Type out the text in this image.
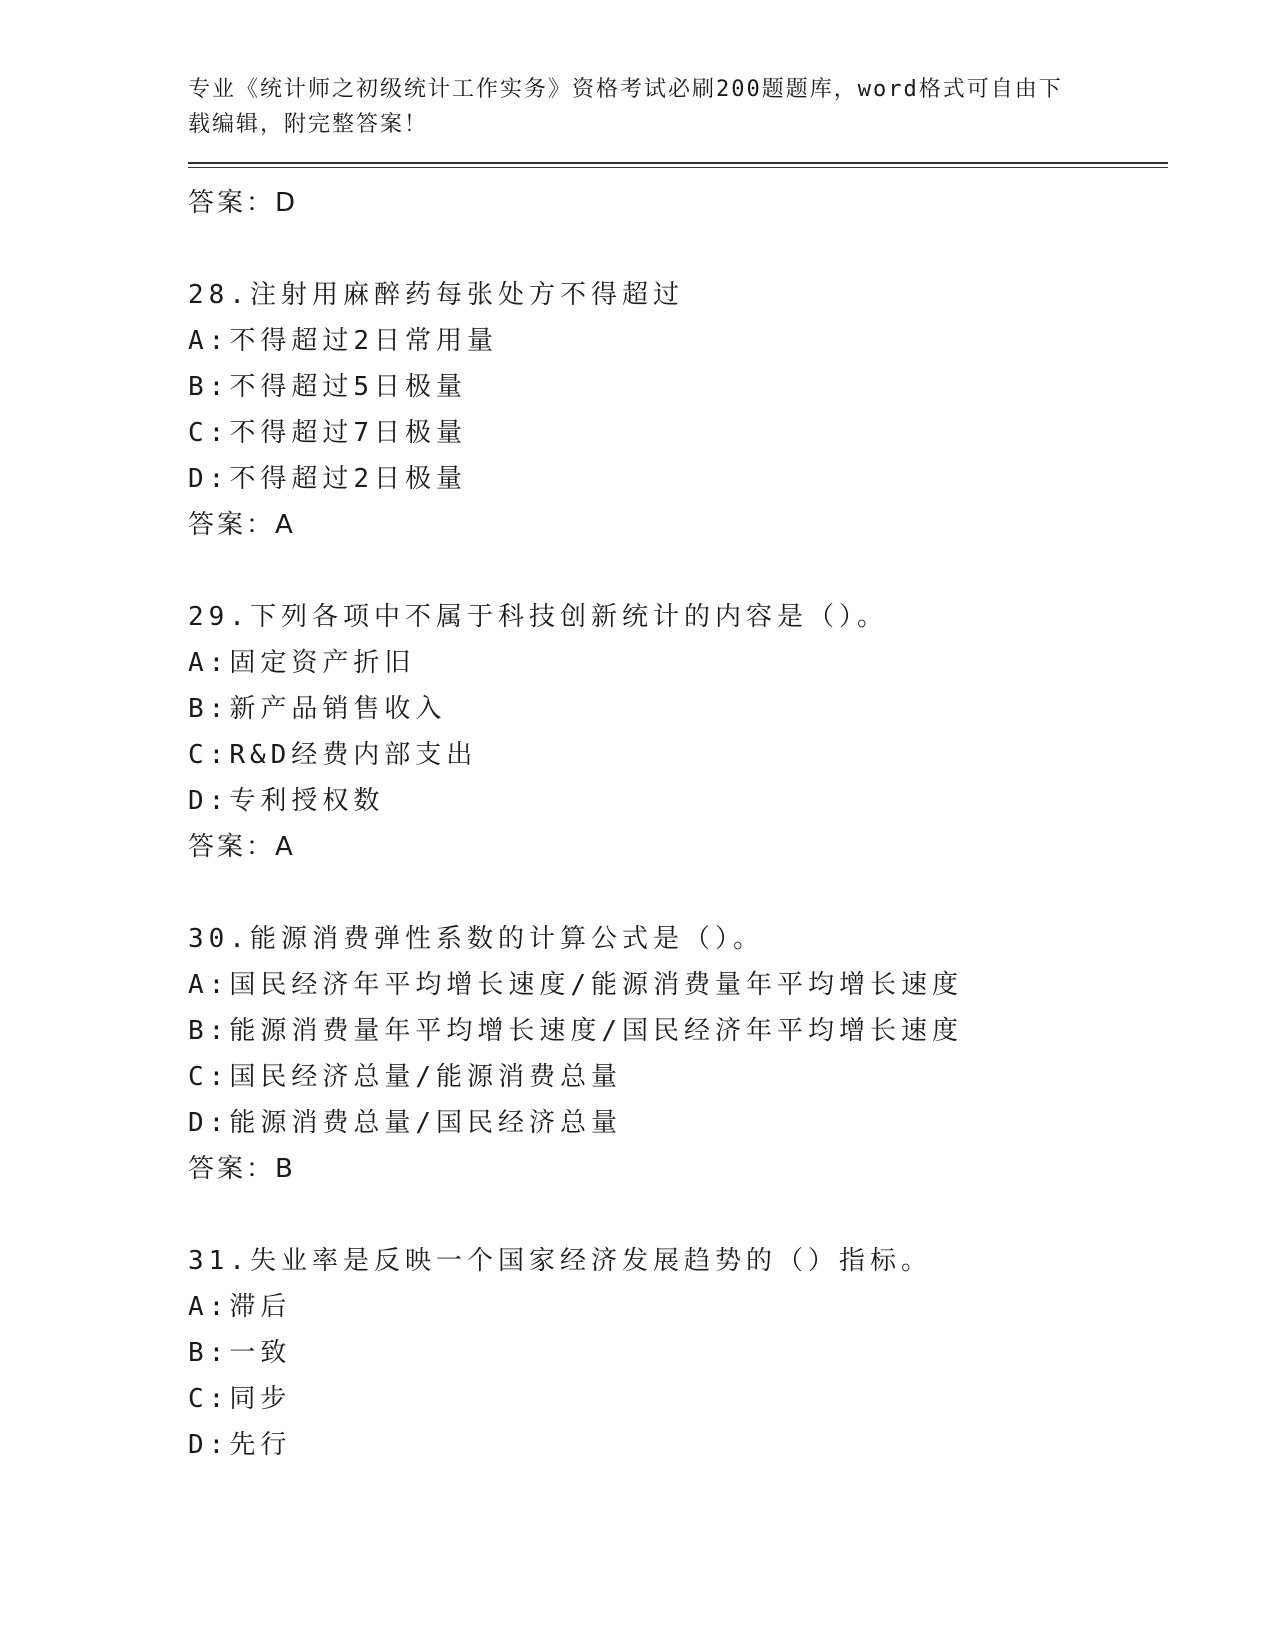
专业《统计师之初级统计工作实务》资格考试必刷200题题库，word格式可自由下载编辑，附完整答案！
答案：D
28.注射用麻醉药每张处方不得超过
A:不得超过2日常用量
B:不得超过5日极量
C:不得超过7日极量
D:不得超过2日极量
答案：A
29.下列各项中不属于科技创新统计的内容是（）。
A:固定资产折旧
B:新产品销售收入
C:R&D经费内部支出
D:专利授权数
答案：A
30.能源消费弹性系数的计算公式是（）。
A:国民经济年平均增长速度/能源消费量年平均增长速度
B:能源消费量年平均增长速度/国民经济年平均增长速度
C:国民经济总量/能源消费总量
D:能源消费总量/国民经济总量
答案：B
31.失业率是反映一个国家经济发展趋势的（）指标。
A:滞后
B:一致
C:同步
D:先行
